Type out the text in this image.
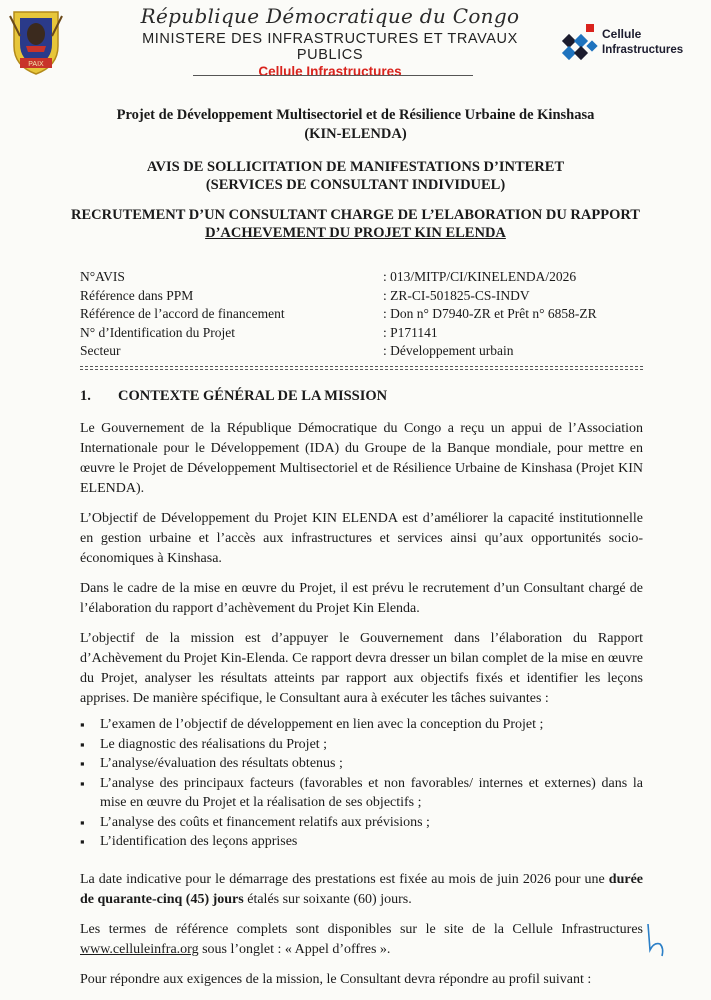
PAIX
République Démocratique du Congo
MINISTERE DES INFRASTRUCTURES ET TRAVAUX PUBLICS
Cellule Infrastructures
Cellule
Infrastructures
Projet de Développement Multisectoriel et de Résilience Urbaine de Kinshasa
(KIN-ELENDA)
AVIS DE SOLLICITATION DE MANIFESTATIONS D’INTERET
(SERVICES DE CONSULTANT INDIVIDUEL)
RECRUTEMENT D’UN CONSULTANT CHARGE DE L’ELABORATION DU RAPPORT
D’ACHEVEMENT DU PROJET KIN ELENDA
N°AVIS	: 013/MITP/CI/KINELENDA/2026
Référence dans PPM	: ZR-CI-501825-CS-INDV
Référence de l’accord de financement	: Don n° D7940-ZR et Prêt n° 6858-ZR
N° d’Identification du Projet	: P171141
Secteur	: Développement urbain
1. CONTEXTE GÉNÉRAL DE LA MISSION

Le Gouvernement de la République Démocratique du Congo a reçu un appui de l’Association Internationale pour le Développement (IDA) du Groupe de la Banque mondiale, pour mettre en œuvre le Projet de Développement Multisectoriel et de Résilience Urbaine de Kinshasa (Projet KIN ELENDA).

L’Objectif de Développement du Projet KIN ELENDA est d’améliorer la capacité institutionnelle en gestion urbaine et l’accès aux infrastructures et services ainsi qu’aux opportunités socio-économiques à Kinshasa.

Dans le cadre de la mise en œuvre du Projet, il est prévu le recrutement d’un Consultant chargé de l’élaboration du rapport d’achèvement du Projet Kin Elenda.

L’objectif de la mission est d’appuyer le Gouvernement dans l’élaboration du Rapport d’Achèvement du Projet Kin-Elenda. Ce rapport devra dresser un bilan complet de la mise en œuvre du Projet, analyser les résultats atteints par rapport aux objectifs fixés et identifier les leçons apprises. De manière spécifique, le Consultant aura à exécuter les tâches suivantes :

▪ L’examen de l’objectif de développement en lien avec la conception du Projet ;
▪ Le diagnostic des réalisations du Projet ;
▪ L’analyse/évaluation des résultats obtenus ;
▪ L’analyse des principaux facteurs (favorables et non favorables/ internes et externes) dans la mise en œuvre du Projet et la réalisation de ses objectifs ;
▪ L’analyse des coûts et financement relatifs aux prévisions ;
▪ L’identification des leçons apprises

La date indicative pour le démarrage des prestations est fixée au mois de juin 2026 pour une durée de quarante-cinq (45) jours étalés sur soixante (60) jours.

Les termes de référence complets sont disponibles sur le site de la Cellule Infrastructures www.celluleinfra.org sous l’onglet : « Appel d’offres ».

Pour répondre aux exigences de la mission, le Consultant devra répondre au profil suivant :
